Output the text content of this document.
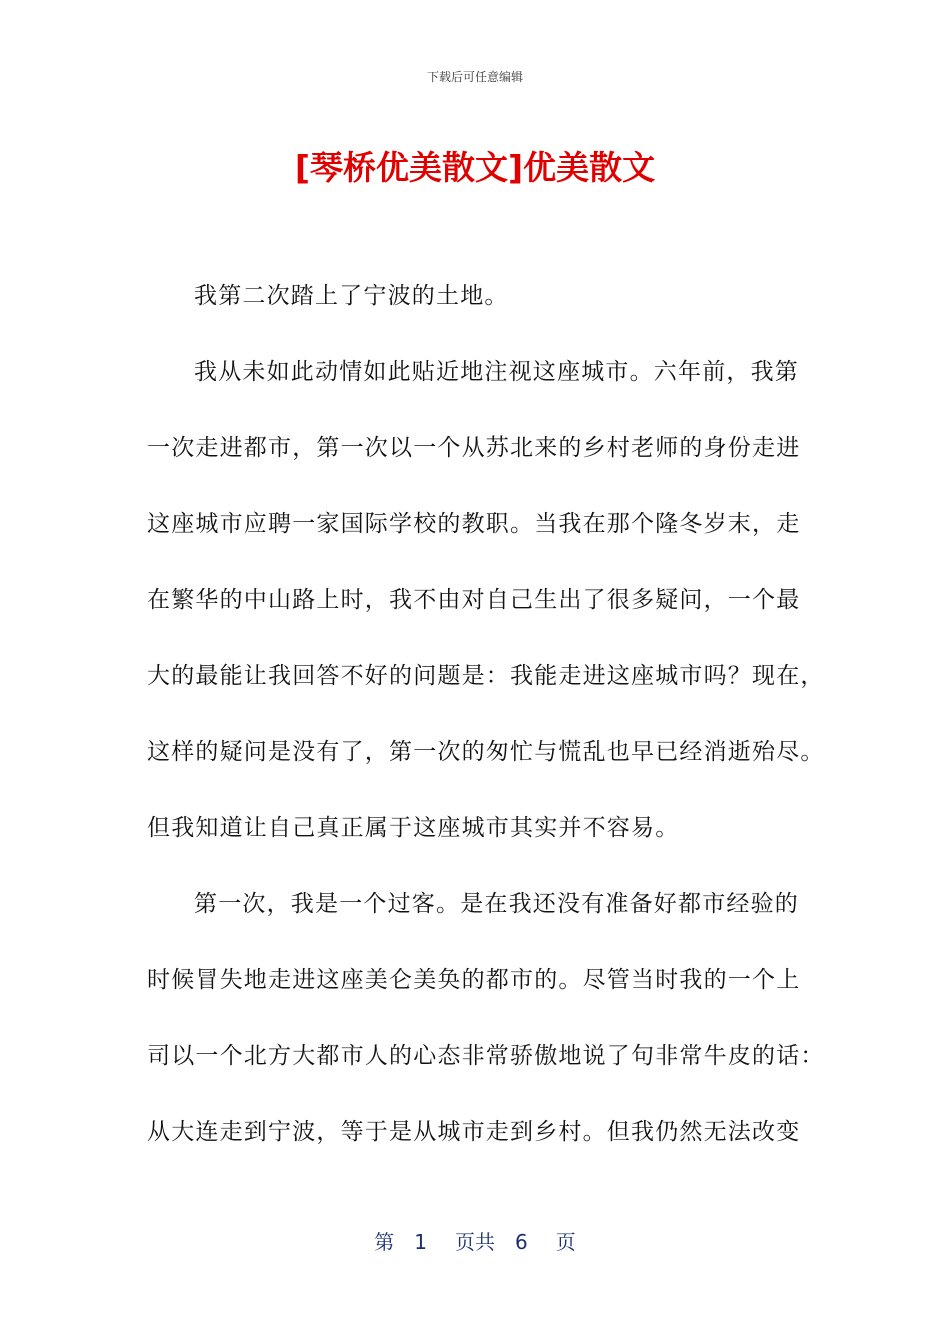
下载后可任意编辑
[琴桥优美散文]优美散文
我第二次踏上了宁波的土地。
我从未如此动情如此贴近地注视这座城市。六年前，我第
一次走进都市，第一次以一个从苏北来的乡村老师的身份走进
这座城市应聘一家国际学校的教职。当我在那个隆冬岁末，走
在繁华的中山路上时，我不由对自己生出了很多疑问，一个最
大的最能让我回答不好的问题是：我能走进这座城市吗？现在，
这样的疑问是没有了，第一次的匆忙与慌乱也早已经消逝殆尽。
但我知道让自己真正属于这座城市其实并不容易。
第一次，我是一个过客。是在我还没有准备好都市经验的
时候冒失地走进这座美仑美奂的都市的。尽管当时我的一个上
司以一个北方大都市人的心态非常骄傲地说了句非常牛皮的话：
从大连走到宁波，等于是从城市走到乡村。但我仍然无法改变
第 1 页共 6 页
